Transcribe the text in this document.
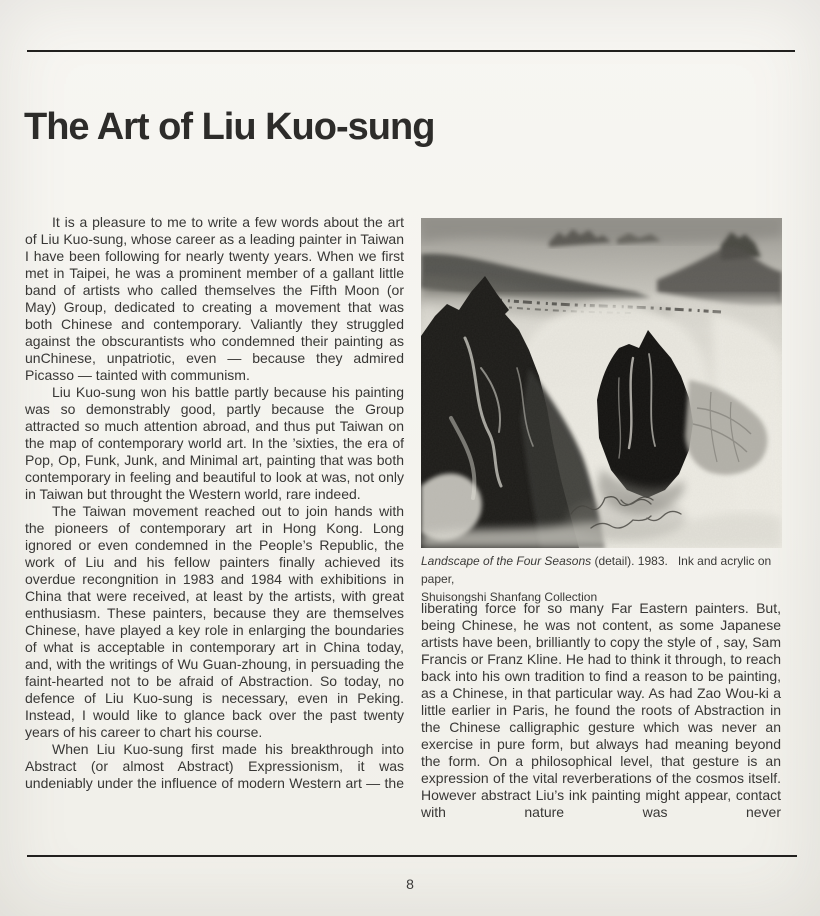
The Art of Liu Kuo-sung

It is a pleasure to me to write a few words about the art of Liu Kuo-sung, whose career as a leading painter in Taiwan I have been following for nearly twenty years. When we first met in Taipei, he was a prominent member of a gallant little band of artists who called themselves the Fifth Moon (or May) Group, dedicated to creating a movement that was both Chinese and contemporary. Valiantly they struggled against the obscurantists who condemned their painting as unChinese, unpatriotic, even — because they admired Picasso — tainted with communism.

Liu Kuo-sung won his battle partly because his painting was so demonstrably good, partly because the Group attracted so much attention abroad, and thus put Taiwan on the map of contemporary world art. In the ’sixties, the era of Pop, Op, Funk, Junk, and Minimal art, painting that was both contemporary in feeling and beautiful to look at was, not only in Taiwan but throught the Western world, rare indeed.

The Taiwan movement reached out to join hands with the pioneers of contemporary art in Hong Kong. Long ignored or even condemned in the People’s Republic, the work of Liu and his fellow painters finally achieved its overdue recongnition in 1983 and 1984 with exhibitions in China that were received, at least by the artists, with great enthusiasm. These painters, because they are themselves Chinese, have played a key role in enlarging the boundaries of what is acceptable in contemporary art in China today, and, with the writings of Wu Guan-zhoung, in persuading the faint-hearted not to be afraid of Abstraction. So today, no defence of Liu Kuo-sung is necessary, even in Peking. Instead, I would like to glance back over the past twenty years of his career to chart his course.

When Liu Kuo-sung first made his breakthrough into Abstract (or almost Abstract) Expressionism, it was undeniably under the influence of modern Western art — the

Landscape of the Four Seasons (detail). 1983.   Ink and acrylic on paper,
Shuisongshi Shanfang Collection

liberating force for so many Far Eastern painters. But, being Chinese, he was not content, as some Japanese artists have been, brilliantly to copy the style of , say, Sam Francis or Franz Kline. He had to think it through, to reach back into his own tradition to find a reason to be painting, as a Chinese, in that particular way. As had Zao Wou-ki a little earlier in Paris, he found the roots of Abstraction in the Chinese calligraphic gesture which was never an exercise in pure form, but always had meaning beyond the form. On a philosophical level, that gesture is an expression of the vital reverberations of the cosmos itself. However abstract Liu’s ink painting might appear, contact with nature was never

8
